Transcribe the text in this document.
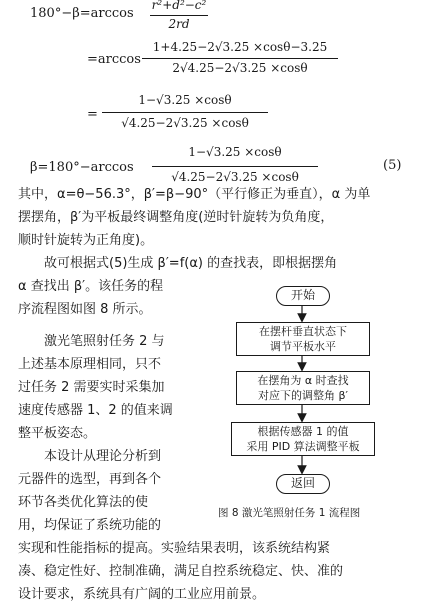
180°−β=arccos
r²+d²−c²
2rd
=arccos
1+4.25−2√3.25 ×cosθ−3.25
2√4.25−2√3.25 ×cosθ
=
1−√3.25 ×cosθ
√4.25−2√3.25 ×cosθ
β=180°−arccos
1−√3.25 ×cosθ
√4.25−2√3.25 ×cosθ
(5)
其中，α=θ−56.3°，β′=β−90°（平行修正为垂直），α 为单
摆摆角，β′为平板最终调整角度(逆时针旋转为负角度，
顺时针旋转为正角度)。
故可根据式(5)生成 β′=f(α) 的查找表，即根据摆角
α 查找出 β′。该任务的程
序流程图如图 8 所示。
激光笔照射任务 2 与
上述基本原理相同，只不
过任务 2 需要实时采集加
速度传感器 1、2 的值来调
整平板姿态。
本设计从理论分析到
元器件的选型，再到各个
环节各类优化算法的使
用，均保证了系统功能的
实现和性能指标的提高。实验结果表明，该系统结构紧
凑、稳定性好、控制准确，满足自控系统稳定、快、准的
设计要求，系统具有广阔的工业应用前景。
开始
在摆杆垂直状态下
调节平板水平
在摆角为 α 时查找
对应下的调整角 β′
根据传感器 1 的值
采用 PID 算法调整平板
返回
图 8 激光笔照射任务 1 流程图
